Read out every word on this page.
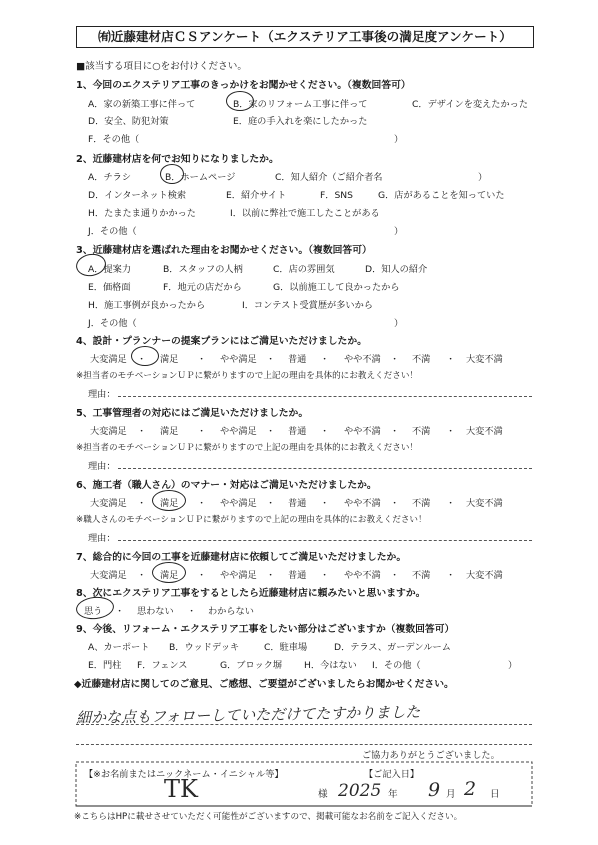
㈲近藤建材店ＣＳアンケート（エクステリア工事後の満足度アンケート）
■該当する項目に○をお付けください。
1、今回のエクステリア工事のきっかけをお聞かせください。（複数回答可）
A．家の新築工事に伴って	B．家のリフォーム工事に伴って	C．デザインを変えたかった
D．安全、防犯対策	E．庭の手入れを楽にしたかった
F．その他（	）
2、近藤建材店を何でお知りになりましたか。
A．チラシ	B．ホームページ	C．知人紹介（ご紹介者名	）
D．インターネット検索	E．紹介サイト	F．SNS	G．店があることを知っていた
H．たまたま通りかかった	I．以前に弊社で施工したことがある
J．その他（	）
3、近藤建材店を選ばれた理由をお聞かせください。（複数回答可）
A．提案力	B．スタッフの人柄	C．店の雰囲気	D．知人の紹介
E．価格面	F．地元の店だから	G．以前施工して良かったから
H．施工事例が良かったから	I．コンテスト受賞歴が多いから
J．その他（	）
4、設計・プランナーの提案プランにはご満足いただけましたか。
大変満足 ・ 満足 ・ やや満足 ・ 普通 ・ やや不満 ・ 不満 ・ 大変不満
※担当者のモチベーションＵＰに繋がりますので上記の理由を具体的にお教えください！
理由：
5、工事管理者の対応にはご満足いただけましたか。
大変満足 ・ 満足 ・ やや満足 ・ 普通 ・ やや不満 ・ 不満 ・ 大変不満
※担当者のモチベーションＵＰに繋がりますので上記の理由を具体的にお教えください！
理由：
6、施工者（職人さん）のマナー・対応はご満足いただけましたか。
大変満足 ・ 満足 ・ やや満足 ・ 普通 ・ やや不満 ・ 不満 ・ 大変不満
※職人さんのモチベーションＵＰに繋がりますので上記の理由を具体的にお教えください！
理由：
7、総合的に今回の工事を近藤建材店に依頼してご満足いただけましたか。
大変満足 ・ 満足 ・ やや満足 ・ 普通 ・ やや不満 ・ 不満 ・ 大変不満
8、次にエクステリア工事をするとしたら近藤建材店に頼みたいと思いますか。
思う ・ 思わない ・ わからない
9、今後、リフォーム・エクステリア工事をしたい部分はございますか（複数回答可）
A、カーポート B．ウッドデッキ	C．駐車場	D．テラス、ガーデンルーム
E．門柱 F．フェンス	G．ブロック塀 H．今はない I．その他（	）
◆近藤建材店に関してのご意見、ご感想、ご要望がございましたらお聞かせください。
細かな点もフォローしていただけてたすかりました
ご協力ありがとうございました。
【※お名前またはニックネーム・イニシャル等】	【ご記入日】
TK	様 2025 年 9 月 2 日
※こちらはHPに載せさせていただく可能性がございますので、掲載可能なお名前をご記入ください。
